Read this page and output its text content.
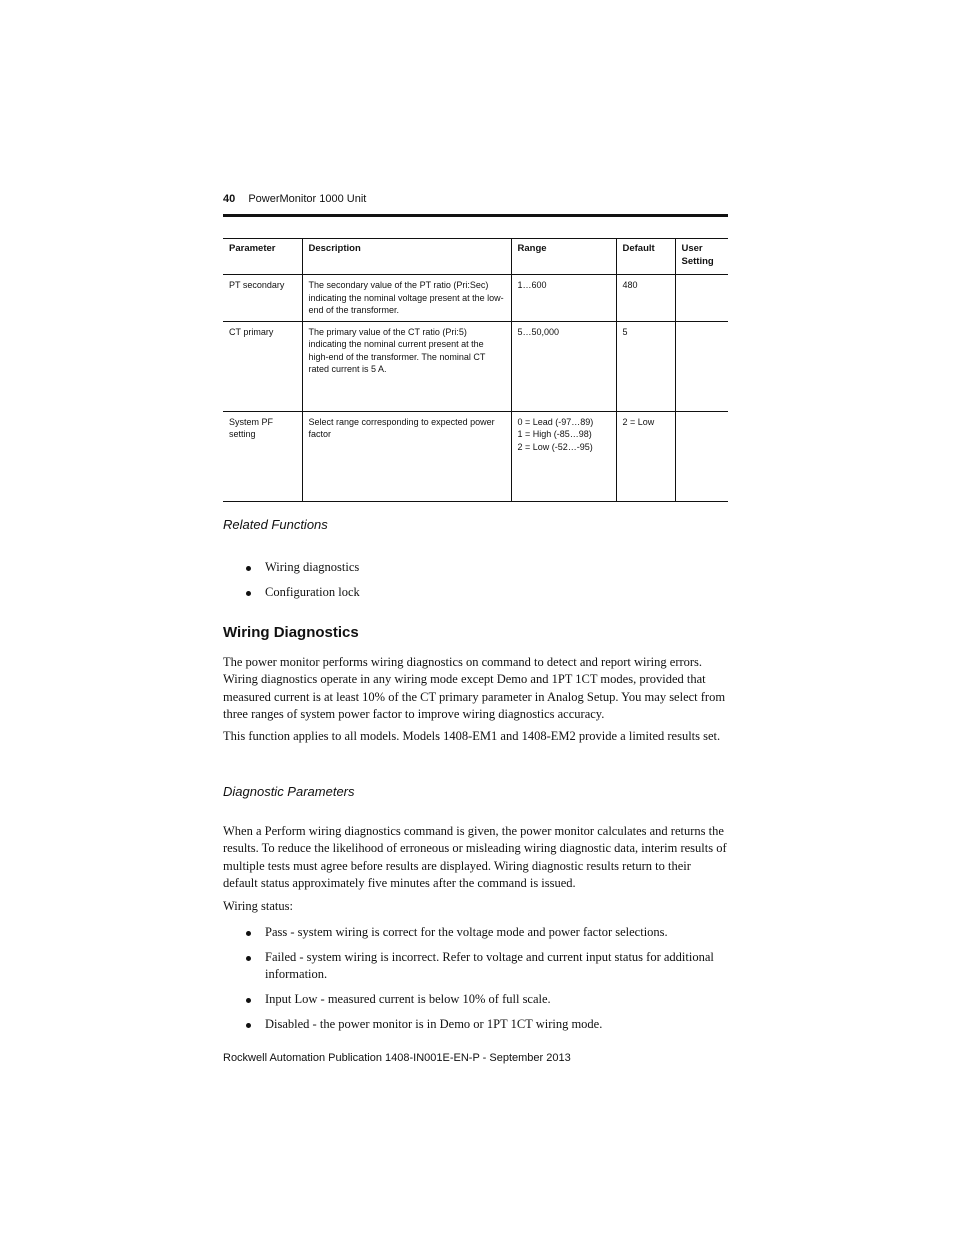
40 PowerMonitor 1000 Unit
Parameter	Description	Range	Default	User Setting
PT secondary	The secondary value of the PT ratio (Pri:Sec) indicating the nominal voltage present at the low-end of the transformer.	1…600	480	
CT primary	The primary value of the CT ratio (Pri:5) indicating the nominal current present at the high-end of the transformer. The nominal CT rated current is 5 A.	5…50,000	5	
System PF setting	Select range corresponding to expected power factor	0 = Lead (-97…89)
1 = High (-85…98)
2 = Low (-52…-95)	2 = Low	
Related Functions
Wiring diagnostics
Configuration lock
Wiring Diagnostics
The power monitor performs wiring diagnostics on command to detect and report wiring errors. Wiring diagnostics operate in any wiring mode except Demo and 1PT 1CT modes, provided that measured current is at least 10% of the CT primary parameter in Analog Setup. You may select from three ranges of system power factor to improve wiring diagnostics accuracy.
This function applies to all models. Models 1408-EM1 and 1408-EM2 provide a limited results set.
Diagnostic Parameters
When a Perform wiring diagnostics command is given, the power monitor calculates and returns the results. To reduce the likelihood of erroneous or misleading wiring diagnostic data, interim results of multiple tests must agree before results are displayed. Wiring diagnostic results return to their default status approximately five minutes after the command is issued.
Wiring status:
Pass - system wiring is correct for the voltage mode and power factor selections.
Failed - system wiring is incorrect. Refer to voltage and current input status for additional information.
Input Low - measured current is below 10% of full scale.
Disabled - the power monitor is in Demo or 1PT 1CT wiring mode.
Rockwell Automation Publication 1408-IN001E-EN-P - September 2013
